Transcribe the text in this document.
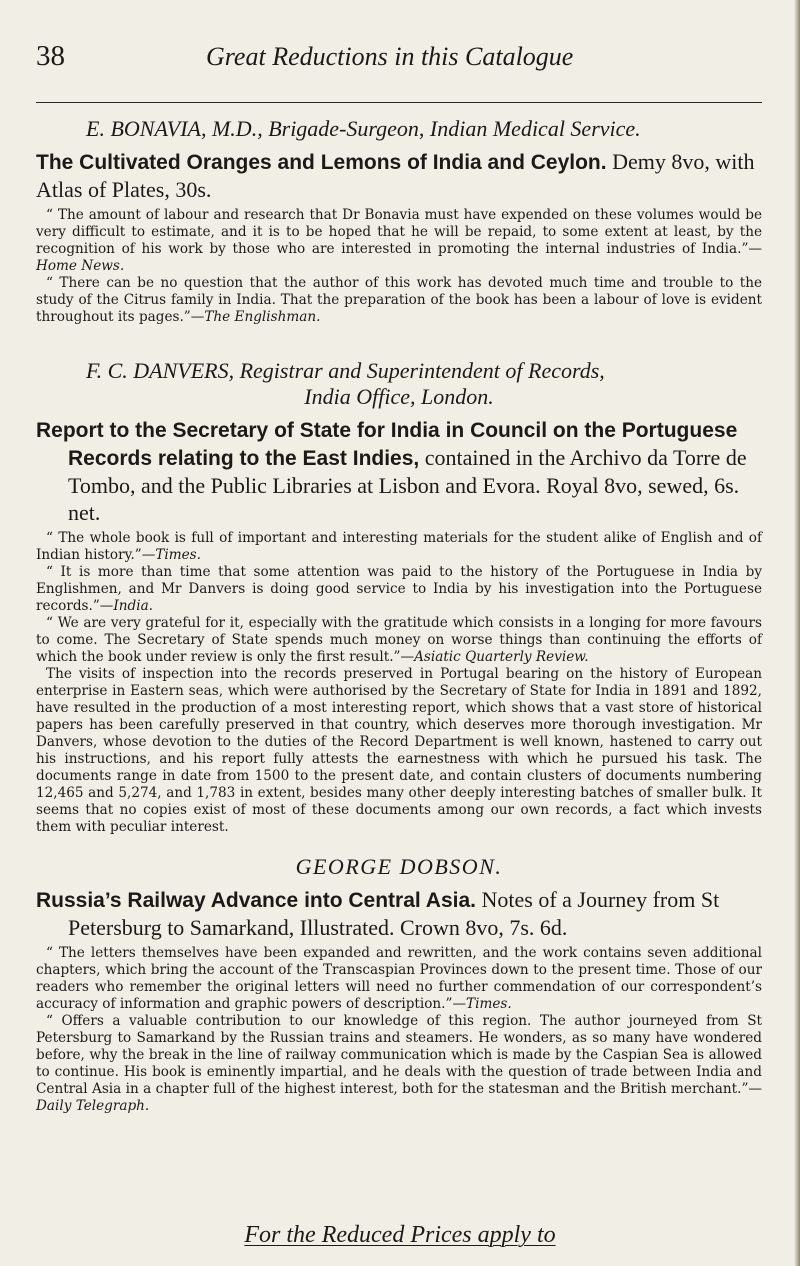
38	Great Reductions in this Catalogue
E. BONAVIA, M.D., Brigade-Surgeon, Indian Medical Service.
The Cultivated Oranges and Lemons of India and Ceylon. Demy 8vo, with Atlas of Plates, 30s.

“ The amount of labour and research that Dr Bonavia must have expended on these volumes would be very difficult to estimate, and it is to be hoped that he will be repaid, to some extent at least, by the recognition of his work by those who are interested in promoting the internal industries of India.”—Home News.

“ There can be no question that the author of this work has devoted much time and trouble to the study of the Citrus family in India. That the preparation of the book has been a labour of love is evident throughout its pages.”—The Englishman.

F. C. DANVERS, Registrar and Superintendent of Records,
India Office, London.
Report to the Secretary of State for India in Council on the Portuguese Records relating to the East Indies, contained in the Archivo da Torre de Tombo, and the Public Libraries at Lisbon and Evora. Royal 8vo, sewed, 6s. net.

“ The whole book is full of important and interesting materials for the student alike of English and of Indian history.”—Times.

“ It is more than time that some attention was paid to the history of the Portuguese in India by Englishmen, and Mr Danvers is doing good service to India by his investigation into the Portuguese records.”—India.

“ We are very grateful for it, especially with the gratitude which consists in a longing for more favours to come. The Secretary of State spends much money on worse things than continuing the efforts of which the book under review is only the first result.”—Asiatic Quarterly Review.

The visits of inspection into the records preserved in Portugal bearing on the history of European enterprise in Eastern seas, which were authorised by the Secretary of State for India in 1891 and 1892, have resulted in the production of a most interesting report, which shows that a vast store of historical papers has been carefully preserved in that country, which deserves more thorough investigation. Mr Danvers, whose devotion to the duties of the Record Department is well known, hastened to carry out his instructions, and his report fully attests the earnestness with which he pursued his task. The documents range in date from 1500 to the present date, and contain clusters of documents numbering 12,465 and 5,274, and 1,783 in extent, besides many other deeply interesting batches of smaller bulk. It seems that no copies exist of most of these documents among our own records, a fact which invests them with peculiar interest.

GEORGE DOBSON.
Russia’s Railway Advance into Central Asia. Notes of a Journey from St Petersburg to Samarkand, Illustrated. Crown 8vo, 7s. 6d.

“ The letters themselves have been expanded and rewritten, and the work contains seven additional chapters, which bring the account of the Transcaspian Provinces down to the present time. Those of our readers who remember the original letters will need no further commendation of our correspondent’s accuracy of information and graphic powers of description.”—Times.

“ Offers a valuable contribution to our knowledge of this region. The author journeyed from St Petersburg to Samarkand by the Russian trains and steamers. He wonders, as so many have wondered before, why the break in the line of railway communication which is made by the Caspian Sea is allowed to continue. His book is eminently impartial, and he deals with the question of trade between India and Central Asia in a chapter full of the highest interest, both for the statesman and the British merchant.”—Daily Telegraph.

For the Reduced Prices apply to
